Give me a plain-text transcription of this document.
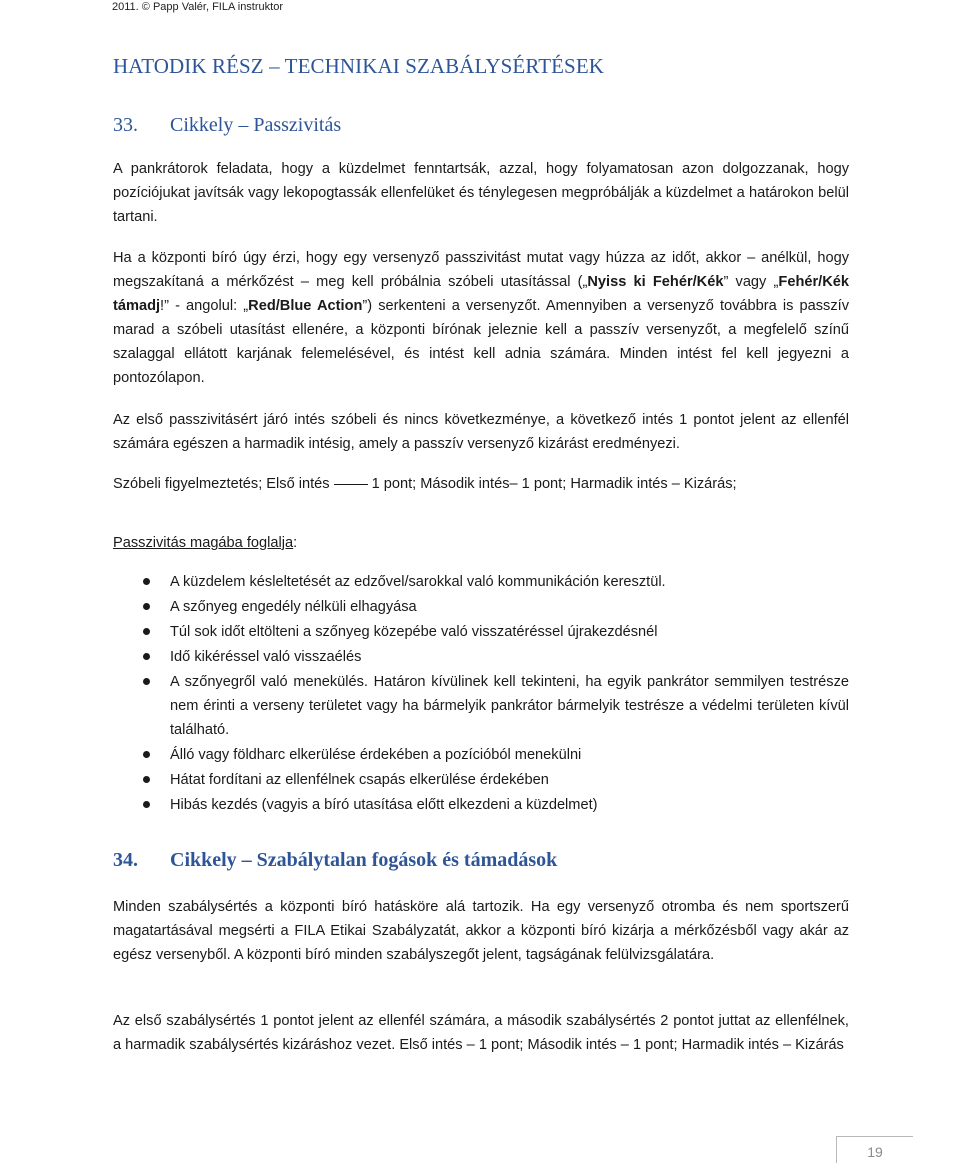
2011. © Papp Valér, FILA instruktor
HATODIK RÉSZ – TECHNIKAI SZABÁLYSÉRTÉSEK
33. Cikkely – Passzivitás

A pankrátorok feladata, hogy a küzdelmet fenntartsák, azzal, hogy folyamatosan azon dolgozzanak, hogy pozíciójukat javítsák vagy lekopogtassák ellenfelüket és ténylegesen megpróbálják a küzdelmet a határokon belül tartani.

Ha a központi bíró úgy érzi, hogy egy versenyző passzivitást mutat vagy húzza az időt, akkor – anélkül, hogy megszakítaná a mérkőzést – meg kell próbálnia szóbeli utasítással („Nyiss ki Fehér/Kék” vagy „Fehér/Kék támadj!” - angolul: „Red/Blue Action”) serkenteni a versenyzőt. Amennyiben a versenyző továbbra is passzív marad a szóbeli utasítást ellenére, a központi bírónak jeleznie kell a passzív versenyzőt, a megfelelő színű szalaggal ellátott karjának felemelésével, és intést kell adnia számára. Minden intést fel kell jegyezni a pontozólapon.

Az első passzivitásért járó intés szóbeli és nincs következménye, a következő intés 1 pontot jelent az ellenfél számára egészen a harmadik intésig, amely a passzív versenyző kizárást eredményezi.

Szóbeli figyelmeztetés; Első intés	1 pont; Második intés– 1 pont; Harmadik intés – Kizárás;

Passzivitás magába foglalja:

A küzdelem késleltetését az edzővel/sarokkal való kommunikáción keresztül.
A szőnyeg engedély nélküli elhagyása
Túl sok időt eltölteni a szőnyeg közepébe való visszatéréssel újrakezdésnél
Idő kikéréssel való visszaélés
A szőnyegről való menekülés. Határon kívülinek kell tekinteni, ha egyik pankrátor semmilyen testrésze nem érinti a verseny területet vagy ha bármelyik pankrátor bármelyik testrésze a védelmi területen kívül található.
Álló vagy földharc elkerülése érdekében a pozícióból menekülni
Hátat fordítani az ellenfélnek csapás elkerülése érdekében
Hibás kezdés (vagyis a bíró utasítása előtt elkezdeni a küzdelmet)
34. Cikkely – Szabálytalan fogások és támadások

Minden szabálysértés a központi bíró hatásköre alá tartozik. Ha egy versenyző otromba és nem sportszerű magatartásával megsérti a FILA Etikai Szabályzatát, akkor a központi bíró kizárja a mérkőzésből vagy akár az egész versenyből. A központi bíró minden szabályszegőt jelent, tagságának felülvizsgálatára.

Az első szabálysértés 1 pontot jelent az ellenfél számára, a második szabálysértés 2 pontot juttat az ellenfélnek, a harmadik szabálysértés kizáráshoz vezet. Első intés – 1 pont; Második intés – 1 pont; Harmadik intés – Kizárás

19
